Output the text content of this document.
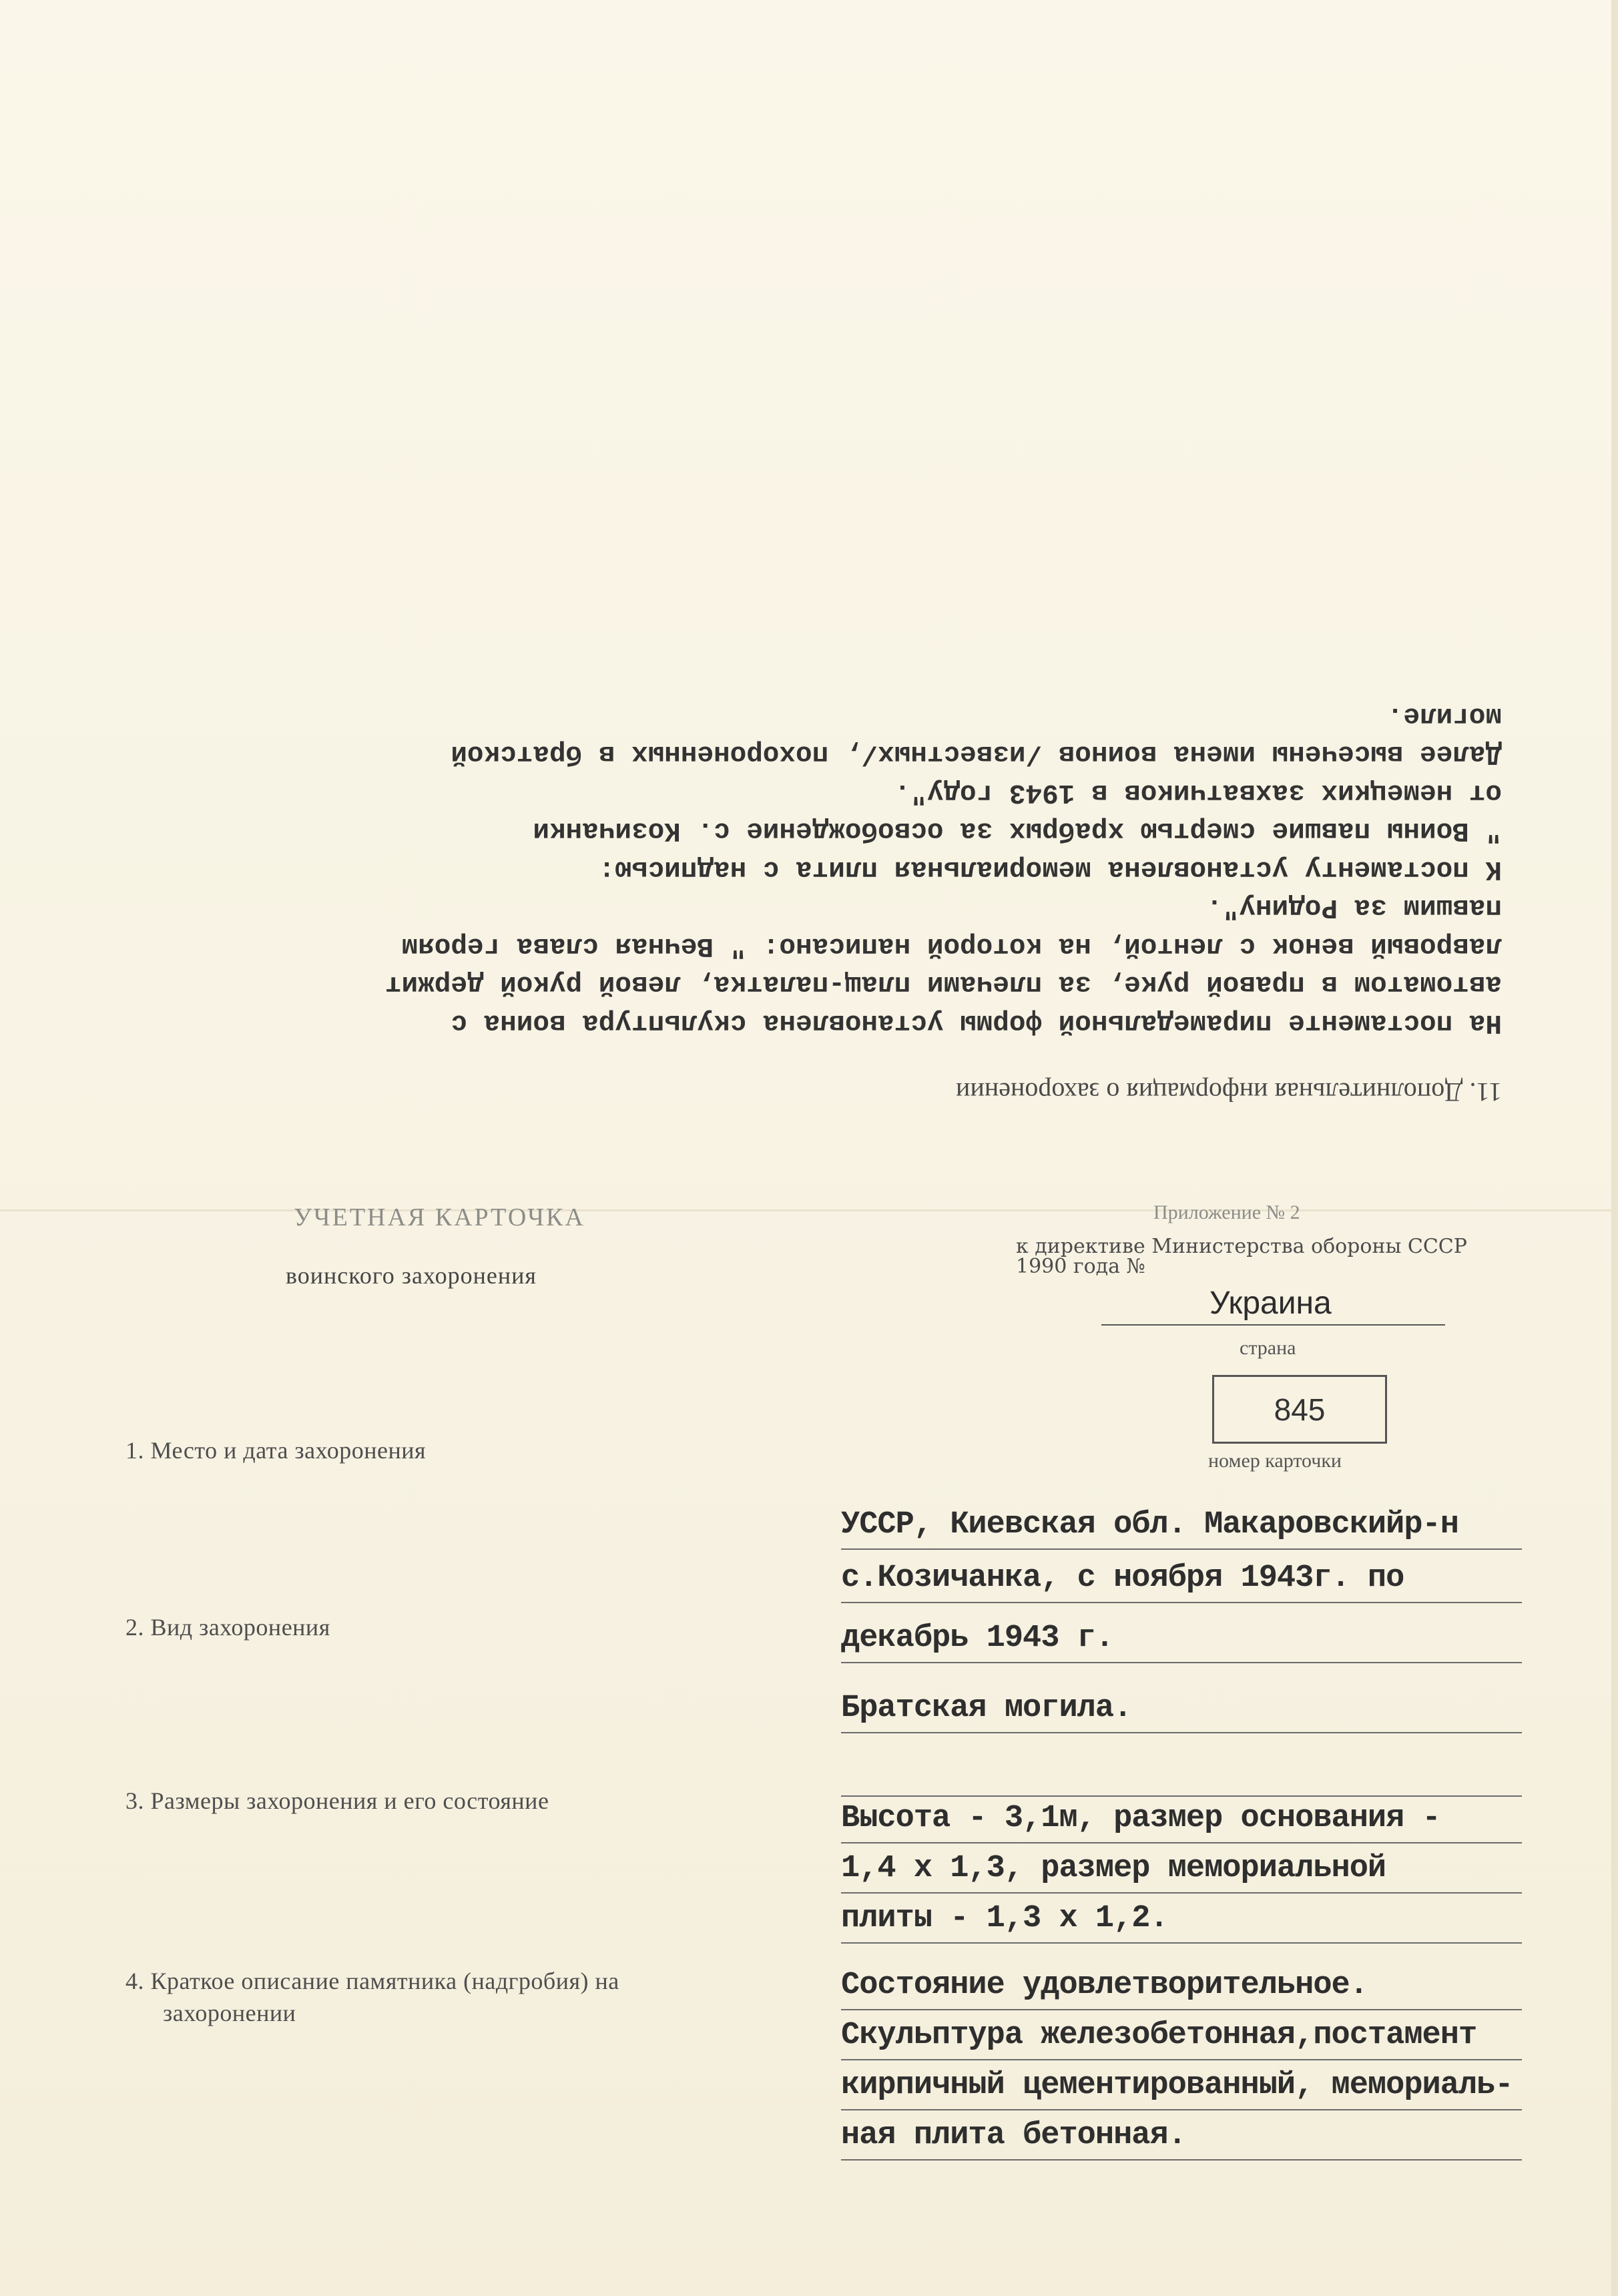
11. Дополнительная информация о захоронении
На постаменте пирамедальной формы установлена скульптура воина с
автоматом в правой руке, за плечами плащ-палатка, левой рукой держит
лавровый венок с лентой, на которой написано: " Вечная слава героям
павшим за Родину".
К постаменту установлена мемориальная плита с надписью:
" Воины павшие смертью храбрых за освобождение с. Козичанки
от немецких захватчиков в 1943 году".
Далее высечены имена воинов /известных/, похороненных в братской
могиле.
УЧЕТНАЯ КАРТОЧКА
воинского захоронения
Приложение № 2
к директиве Министерства обороны СССР
1990 года №
Украина
страна
845
номер карточки
1. Место и дата захоронения
2. Вид захоронения
3. Размеры захоронения и его состояние
4. Краткое описание памятника (надгробия) на
захоронении
УССР, Киевская обл. Макаровскийр-н
с.Козичанка, с ноября 1943г. по
декабрь 1943 г.
Братская могила.
Высота - 3,1м, размер основания -
1,4 х 1,3, размер мемориальной
плиты - 1,3 х 1,2.
Состояние удовлетворительное.
Скульптура железобетонная,постамент
кирпичный цементированный, мемориаль-
ная плита бетонная.
